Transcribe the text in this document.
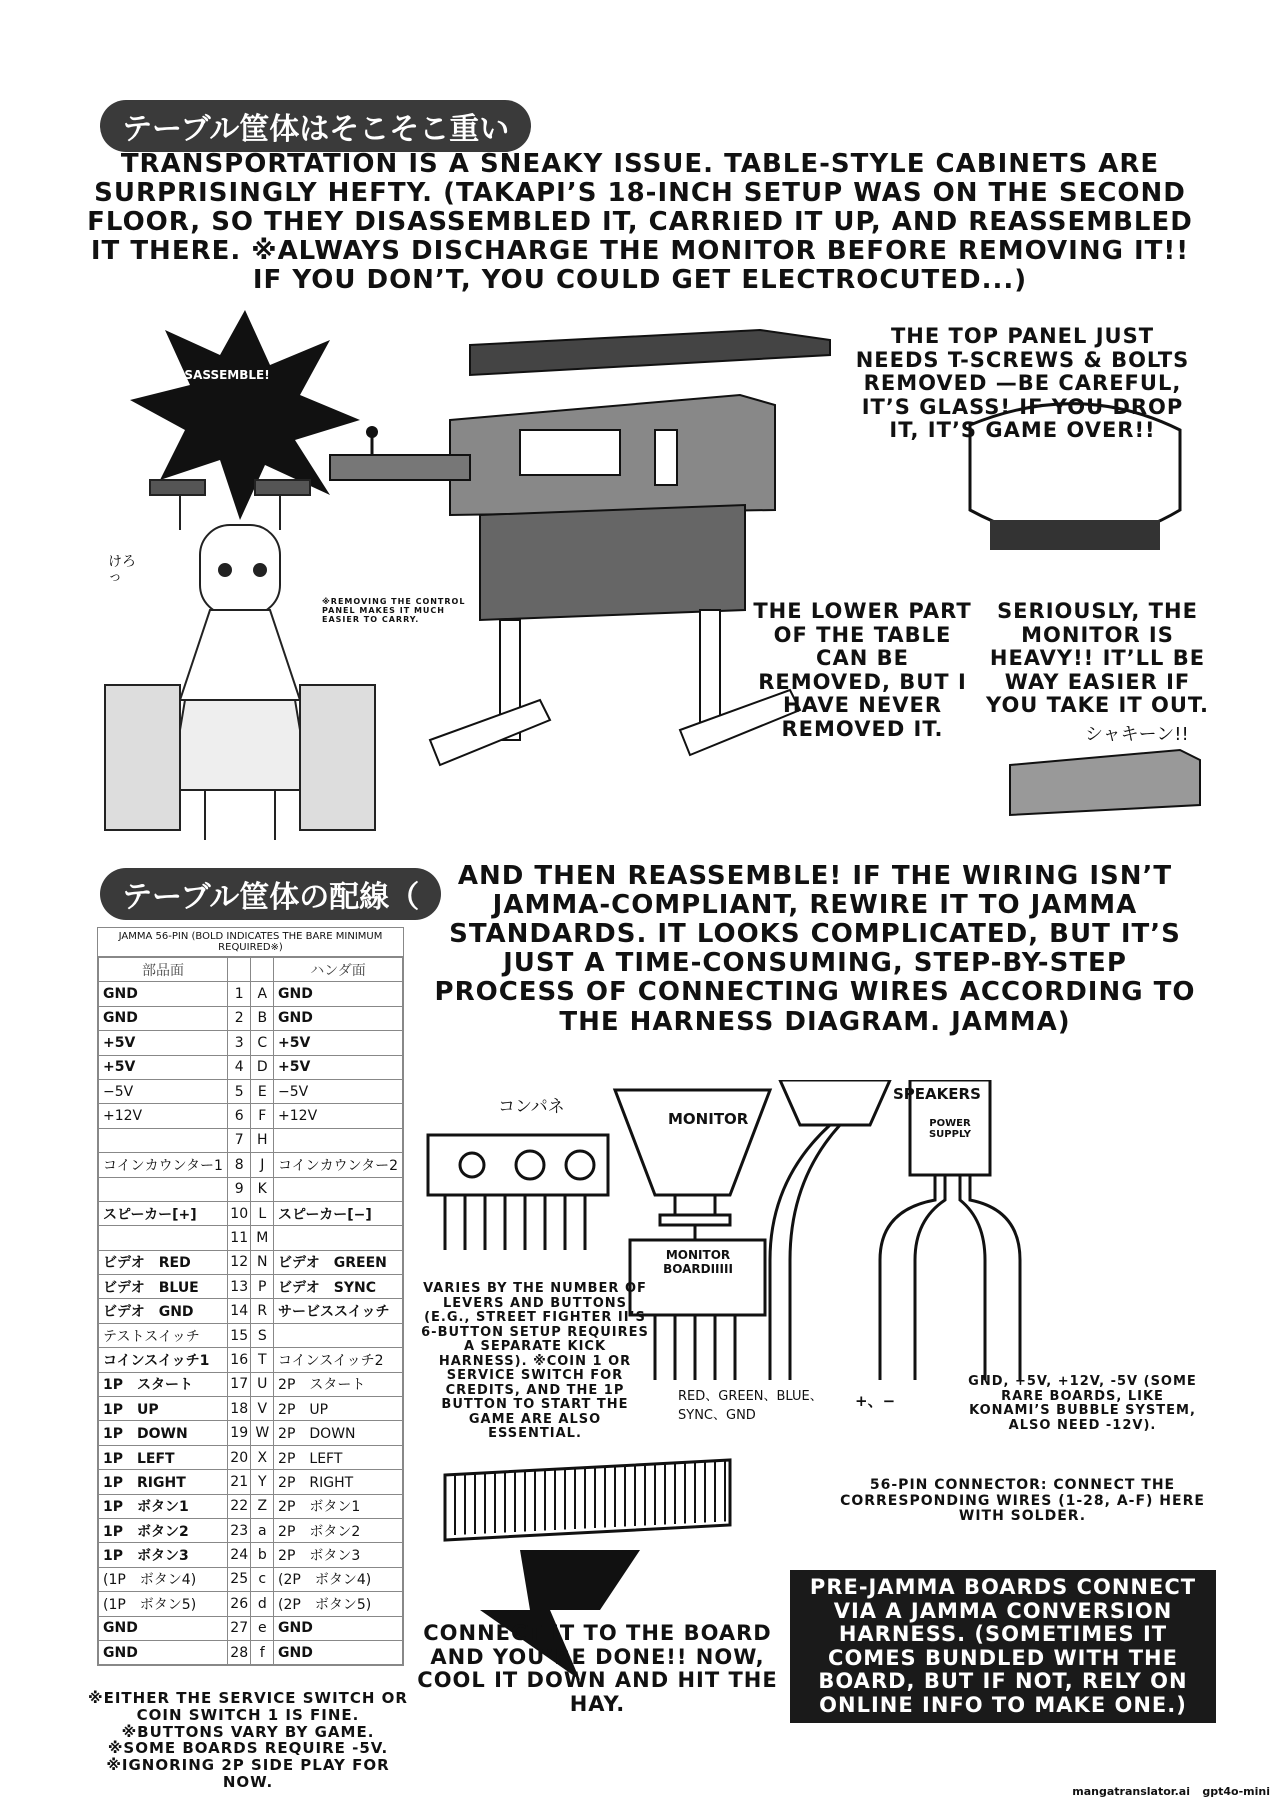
テーブル筐体はそこそこ重い
TRANSPORTATION IS A SNEAKY ISSUE. TABLE-STYLE CABINETS ARE SURPRISINGLY HEFTY. (TAKAPI’S 18-INCH SETUP WAS ON THE SECOND FLOOR, SO THEY DISASSEMBLED IT, CARRIED IT UP, AND REASSEMBLED IT THERE. ※ALWAYS DISCHARGE THE MONITOR BEFORE REMOVING IT!! IF YOU DON’T, YOU COULD GET ELECTROCUTED...)
DISASSEMBLE!
けろっ
※REMOVING THE CONTROL PANEL MAKES IT MUCH EASIER TO CARRY.
THE TOP PANEL JUST NEEDS T-SCREWS & BOLTS REMOVED —BE CAREFUL, IT’S GLASS! IF YOU DROP IT, IT’S GAME OVER!!
THE LOWER PART OF THE TABLE CAN BE REMOVED, BUT I HAVE NEVER REMOVED IT.
SERIOUSLY, THE MONITOR IS HEAVY!! IT’LL BE WAY EASIER IF YOU TAKE IT OUT.
シャキーン!!
テーブル筐体の配線（
AND THEN REASSEMBLE! IF THE WIRING ISN’T JAMMA-COMPLIANT, REWIRE IT TO JAMMA STANDARDS. IT LOOKS COMPLICATED, BUT IT’S JUST A TIME-CONSUMING, STEP-BY-STEP PROCESS OF CONNECTING WIRES ACCORDING TO THE HARNESS DIAGRAM. JAMMA)
JAMMA 56-PIN (BOLD INDICATES THE BARE MINIMUM REQUIRED※)
部品面			ハンダ面
GND	1	A	GND
GND	2	B	GND
+5V	3	C	+5V
+5V	4	D	+5V
−5V	5	E	−5V
+12V	6	F	+12V
	7	H	
コインカウンター1	8	J	コインカウンター2
	9	K	
スピーカー[+]	10	L	スピーカー[−]
	11	M	
ビデオ　RED	12	N	ビデオ　GREEN
ビデオ　BLUE	13	P	ビデオ　SYNC
ビデオ　GND	14	R	サービススイッチ
テストスイッチ	15	S	
コインスイッチ1	16	T	コインスイッチ2
1P　スタート	17	U	2P　スタート
1P　UP	18	V	2P　UP
1P　DOWN	19	W	2P　DOWN
1P　LEFT	20	X	2P　LEFT
1P　RIGHT	21	Y	2P　RIGHT
1P　ボタン1	22	Z	2P　ボタン1
1P　ボタン2	23	a	2P　ボタン2
1P　ボタン3	24	b	2P　ボタン3
(1P　ボタン4)	25	c	(2P　ボタン4)
(1P　ボタン5)	26	d	(2P　ボタン5)
GND	27	e	GND
GND	28	f	GND
※EITHER THE SERVICE SWITCH OR COIN SWITCH 1 IS FINE. ※BUTTONS VARY BY GAME. ※SOME BOARDS REQUIRE -5V. ※IGNORING 2P SIDE PLAY FOR NOW.
コンパネ
MONITOR
SPEAKERS
POWER SUPPLY
MONITOR BOARDIIIII
VARIES BY THE NUMBER OF LEVERS AND BUTTONS (E.G., STREET FIGHTER II’S 6-BUTTON SETUP REQUIRES A SEPARATE KICK HARNESS). ※COIN 1 OR SERVICE SWITCH FOR CREDITS, AND THE 1P BUTTON TO START THE GAME ARE ALSO ESSENTIAL.
RED、GREEN、BLUE、SYNC、GND
+、−
GND, +5V, +12V, -5V (SOME RARE BOARDS, LIKE KONAMI’S BUBBLE SYSTEM, ALSO NEED -12V).
56-PIN CONNECTOR: CONNECT THE CORRESPONDING WIRES (1-28, A-F) HERE WITH SOLDER.
CONNECT IT TO THE BOARD AND YOU’RE DONE!! NOW, COOL IT DOWN AND HIT THE HAY.
PRE-JAMMA BOARDS CONNECT VIA A JAMMA CONVERSION HARNESS. (SOMETIMES IT COMES BUNDLED WITH THE BOARD, BUT IF NOT, RELY ON ONLINE INFO TO MAKE ONE.)
mangatranslator.ai gpt4o-mini
